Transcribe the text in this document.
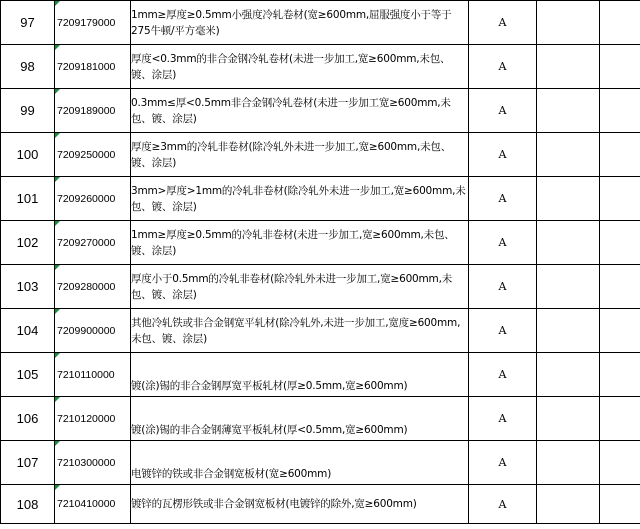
97	7209179000	1mm≥厚度≥0.5mm小强度冷轧卷材(宽≥600mm,屈服强度小于等于275牛顿/平方毫米)	A		
98	7209181000	厚度<0.3mm的非合金钢冷轧卷材(未进一步加工,宽≥600mm,未包、镀、涂层)	A		
99	7209189000	0.3mm≤厚<0.5mm非合金钢冷轧卷材(未进一步加工宽≥600mm,未包、镀、涂层)	A		
100	7209250000	厚度≥3mm的冷轧非卷材(除冷轧外未进一步加工,宽≥600mm,未包、镀、涂层)	A		
101	7209260000	3mm>厚度>1mm的冷轧非卷材(除冷轧外未进一步加工,宽≥600mm,未包、镀、涂层)	A		
102	7209270000	1mm≥厚度≥0.5mm的冷轧非卷材(未进一步加工,宽≥600mm,未包、镀、涂层)	A		
103	7209280000	厚度小于0.5mm的冷轧非卷材(除冷轧外未进一步加工,宽≥600mm,未包、镀、涂层)	A		
104	7209900000	其他冷轧铁或非合金钢宽平轧材(除冷轧外,未进一步加工,宽度≥600mm,未包、镀、涂层)	A		
105	7210110000	镀(涂)锡的非合金钢厚宽平板轧材(厚≥0.5mm,宽≥600mm)	A		
106	7210120000	镀(涂)锡的非合金钢薄宽平板轧材(厚<0.5mm,宽≥600mm)	A		
107	7210300000	电镀锌的铁或非合金钢宽板材(宽≥600mm)	A		
108	7210410000	镀锌的瓦楞形铁或非合金钢宽板材(电镀锌的除外,宽≥600mm)	A		
